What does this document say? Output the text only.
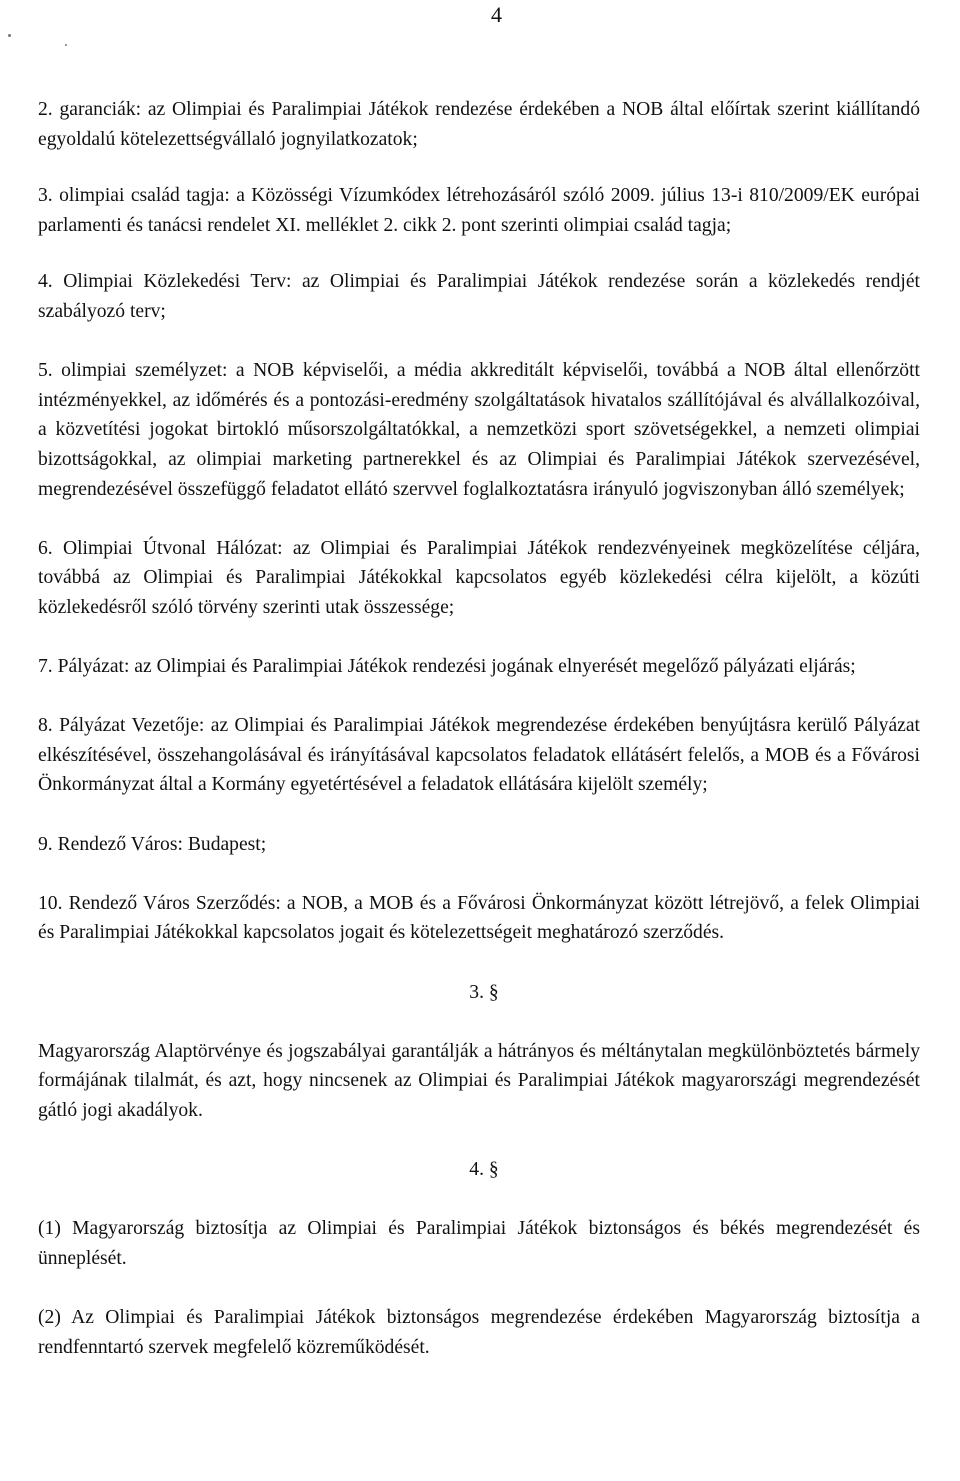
4

2. garanciák: az Olimpiai és Paralimpiai Játékok rendezése érdekében a NOB által előírtak szerint kiállítandó egyoldalú kötelezettségvállaló jognyilatkozatok;

3. olimpiai család tagja: a Közösségi Vízumkódex létrehozásáról szóló 2009. július 13-i 810/2009/EK európai parlamenti és tanácsi rendelet XI. melléklet 2. cikk 2. pont szerinti olimpiai család tagja;

4. Olimpiai Közlekedési Terv: az Olimpiai és Paralimpiai Játékok rendezése során a közlekedés rendjét szabályozó terv;

5. olimpiai személyzet: a NOB képviselői, a média akkreditált képviselői, továbbá a NOB által ellenőrzött intézményekkel, az időmérés és a pontozási-eredmény szolgáltatások hivatalos szállítójával és alvállalkozóival, a közvetítési jogokat birtokló műsorszolgáltatókkal, a nemzetközi sport szövetségekkel, a nemzeti olimpiai bizottságokkal, az olimpiai marketing partnerekkel és az Olimpiai és Paralimpiai Játékok szervezésével, megrendezésével összefüggő feladatot ellátó szervvel foglalkoztatásra irányuló jogviszonyban álló személyek;

6. Olimpiai Útvonal Hálózat: az Olimpiai és Paralimpiai Játékok rendezvényeinek megközelítése céljára, továbbá az Olimpiai és Paralimpiai Játékokkal kapcsolatos egyéb közlekedési célra kijelölt, a közúti közlekedésről szóló törvény szerinti utak összessége;

7. Pályázat: az Olimpiai és Paralimpiai Játékok rendezési jogának elnyerését megelőző pályázati eljárás;

8. Pályázat Vezetője: az Olimpiai és Paralimpiai Játékok megrendezése érdekében benyújtásra kerülő Pályázat elkészítésével, összehangolásával és irányításával kapcsolatos feladatok ellátásért felelős, a MOB és a Fővárosi Önkormányzat által a Kormány egyetértésével a feladatok ellátására kijelölt személy;

9. Rendező Város: Budapest;

10. Rendező Város Szerződés: a NOB, a MOB és a Fővárosi Önkormányzat között létrejövő, a felek Olimpiai és Paralimpiai Játékokkal kapcsolatos jogait és kötelezettségeit meghatározó szerződés.

3. §

Magyarország Alaptörvénye és jogszabályai garantálják a hátrányos és méltánytalan megkülönböztetés bármely formájának tilalmát, és azt, hogy nincsenek az Olimpiai és Paralimpiai Játékok magyarországi megrendezését gátló jogi akadályok.

4. §

(1) Magyarország biztosítja az Olimpiai és Paralimpiai Játékok biztonságos és békés megrendezését és ünneplését.

(2) Az Olimpiai és Paralimpiai Játékok biztonságos megrendezése érdekében Magyarország biztosítja a rendfenntartó szervek megfelelő közreműködését.
